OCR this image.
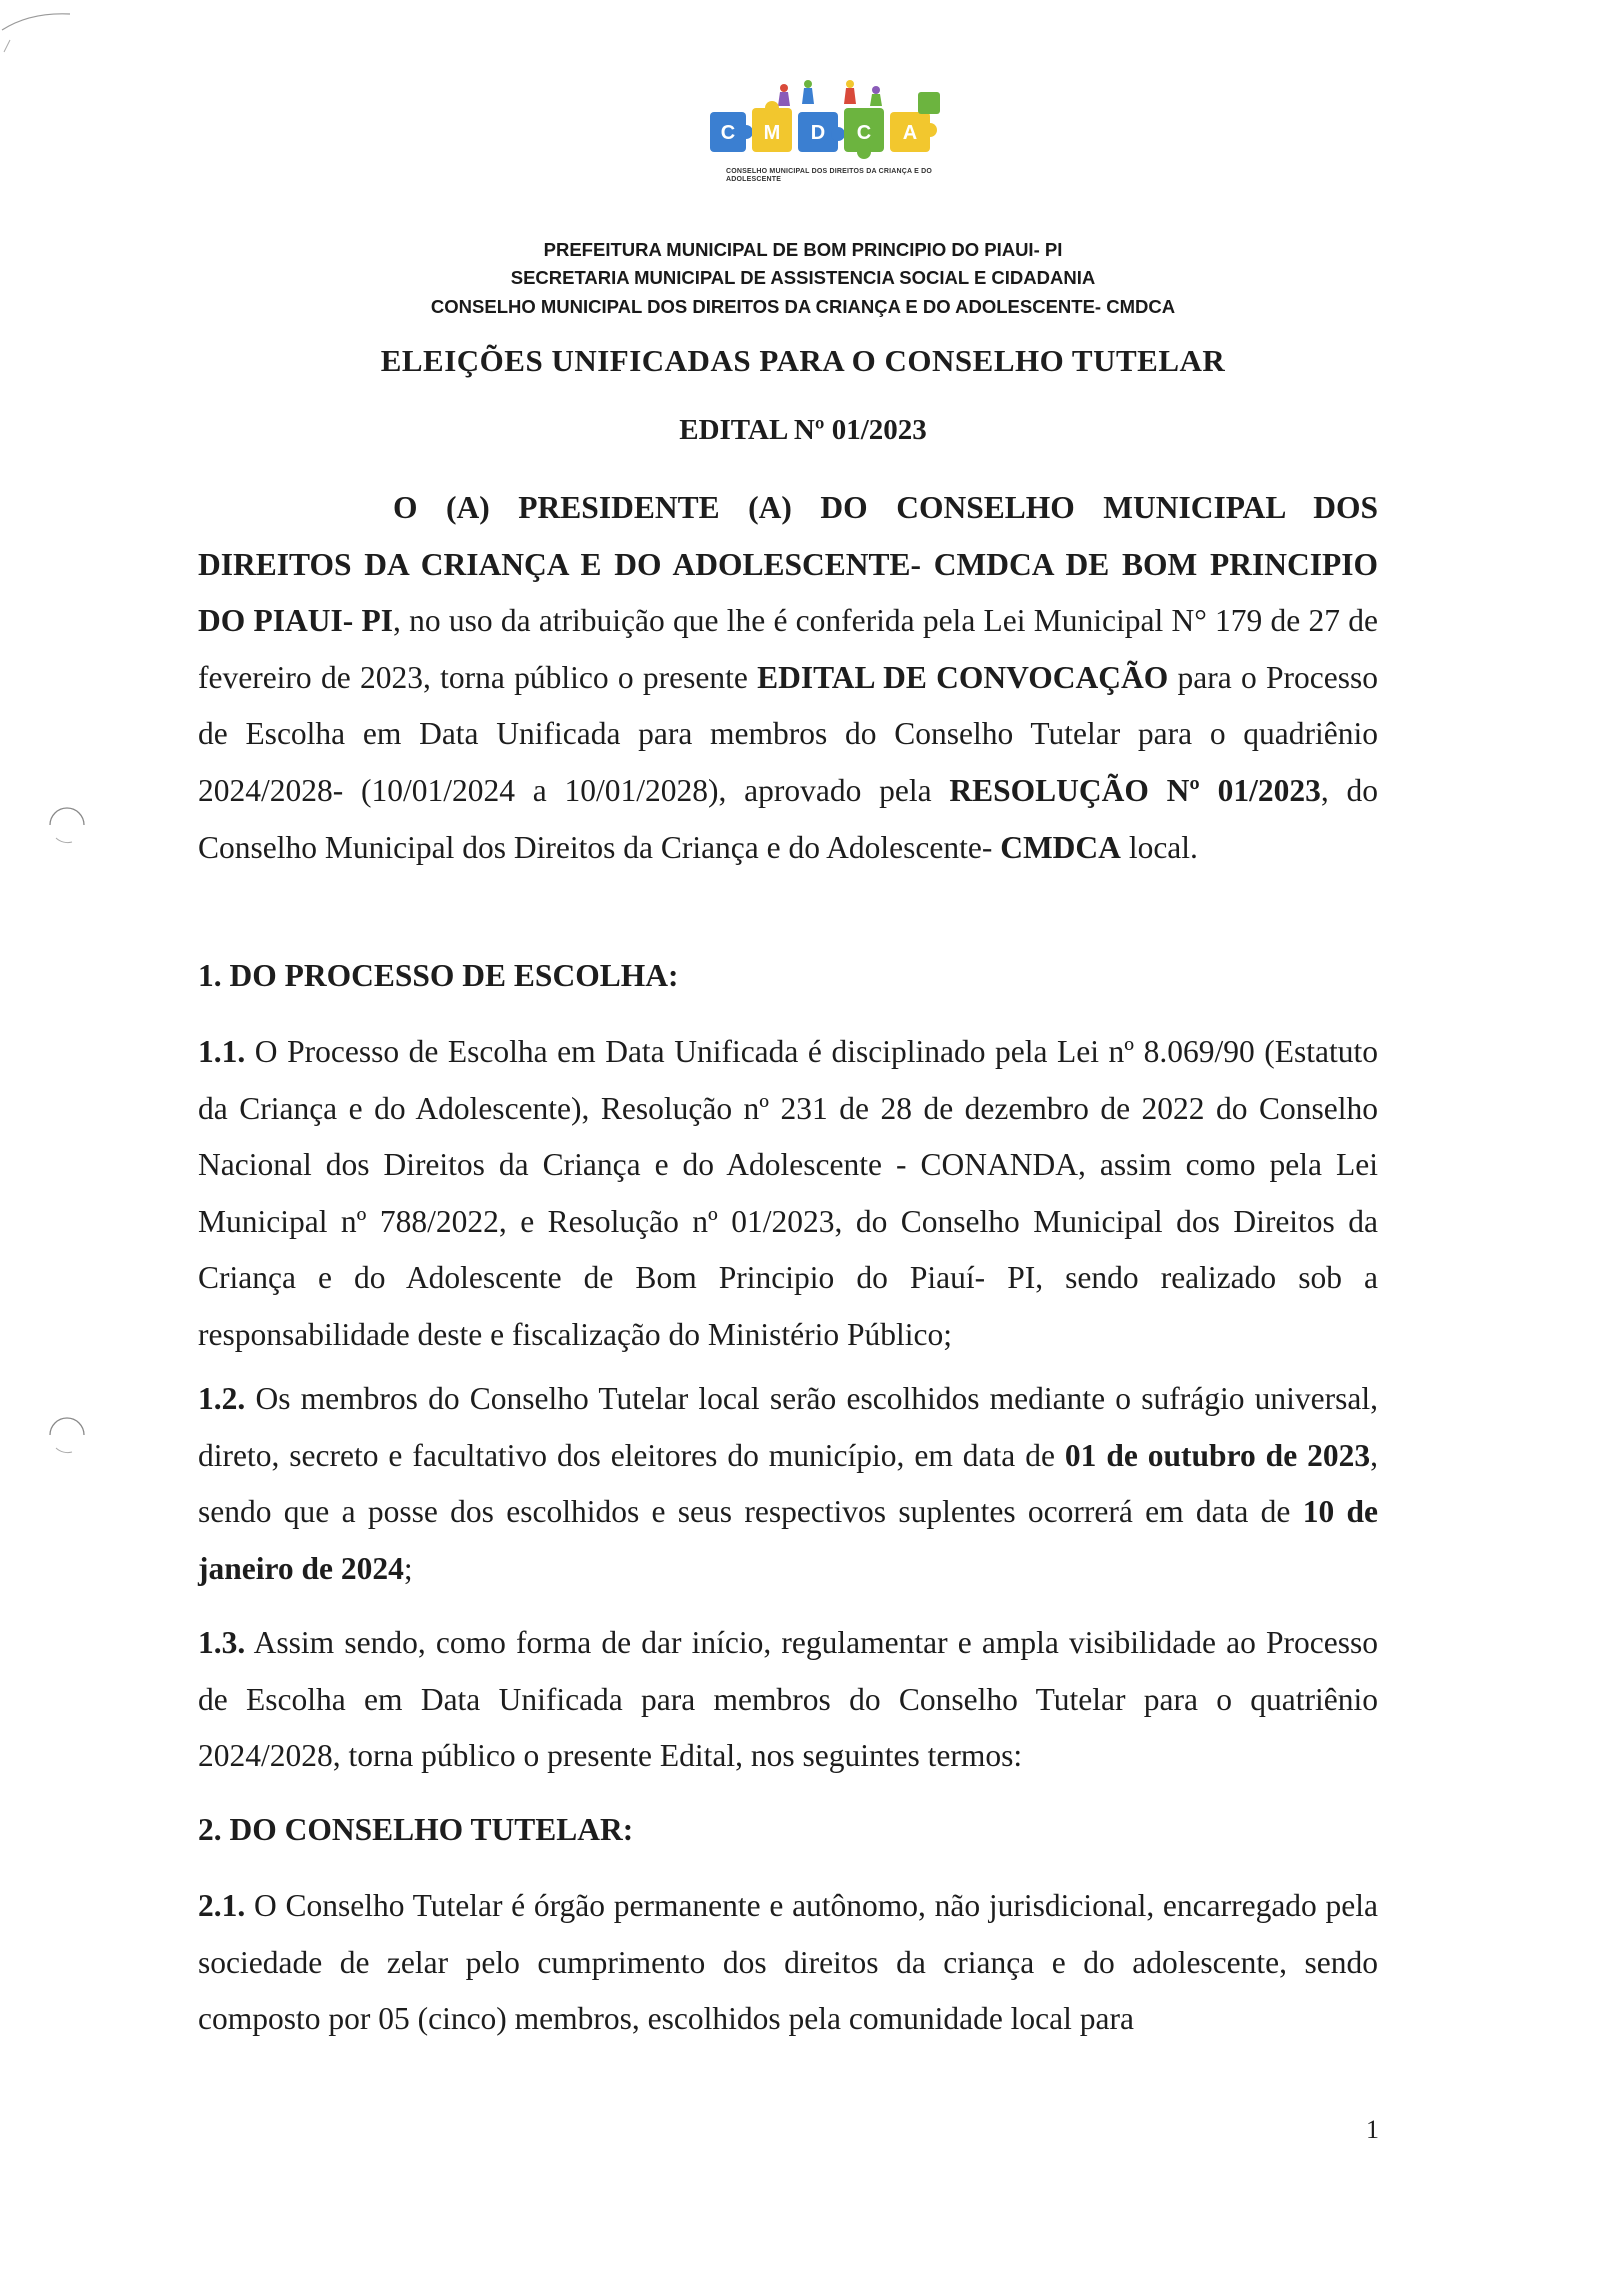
C M D C A
CONSELHO MUNICIPAL DOS DIREITOS DA CRIANÇA E DO ADOLESCENTE
PREFEITURA MUNICIPAL DE BOM PRINCIPIO DO PIAUI- PI
SECRETARIA MUNICIPAL DE ASSISTENCIA SOCIAL E CIDADANIA
CONSELHO MUNICIPAL DOS DIREITOS DA CRIANÇA E DO ADOLESCENTE- CMDCA
ELEIÇÕES UNIFICADAS PARA O CONSELHO TUTELAR
EDITAL Nº 01/2023
O (A) PRESIDENTE (A) DO CONSELHO MUNICIPAL DOS DIREITOS DA CRIANÇA E DO ADOLESCENTE- CMDCA DE BOM PRINCIPIO DO PIAUI- PI, no uso da atribuição que lhe é conferida pela Lei Municipal N° 179 de 27 de fevereiro de 2023, torna público o presente EDITAL DE CONVOCAÇÃO para o Processo de Escolha em Data Unificada para membros do Conselho Tutelar para o quadriênio 2024/2028- (10/01/2024 a 10/01/2028), aprovado pela RESOLUÇÃO Nº 01/2023, do Conselho Municipal dos Direitos da Criança e do Adolescente- CMDCA local.
1. DO PROCESSO DE ESCOLHA:
1.1. O Processo de Escolha em Data Unificada é disciplinado pela Lei nº 8.069/90 (Estatuto da Criança e do Adolescente), Resolução nº 231 de 28 de dezembro de 2022 do Conselho Nacional dos Direitos da Criança e do Adolescente - CONANDA, assim como pela Lei Municipal nº 788/2022, e Resolução nº 01/2023, do Conselho Municipal dos Direitos da Criança e do Adolescente de Bom Principio do Piauí- PI, sendo realizado sob a responsabilidade deste e fiscalização do Ministério Público;
1.2. Os membros do Conselho Tutelar local serão escolhidos mediante o sufrágio universal, direto, secreto e facultativo dos eleitores do município, em data de 01 de outubro de 2023, sendo que a posse dos escolhidos e seus respectivos suplentes ocorrerá em data de 10 de janeiro de 2024;
1.3. Assim sendo, como forma de dar início, regulamentar e ampla visibilidade ao Processo de Escolha em Data Unificada para membros do Conselho Tutelar para o quatriênio 2024/2028, torna público o presente Edital, nos seguintes termos:
2. DO CONSELHO TUTELAR:
2.1. O Conselho Tutelar é órgão permanente e autônomo, não jurisdicional, encarregado pela sociedade de zelar pelo cumprimento dos direitos da criança e do adolescente, sendo composto por 05 (cinco) membros, escolhidos pela comunidade local para
1
